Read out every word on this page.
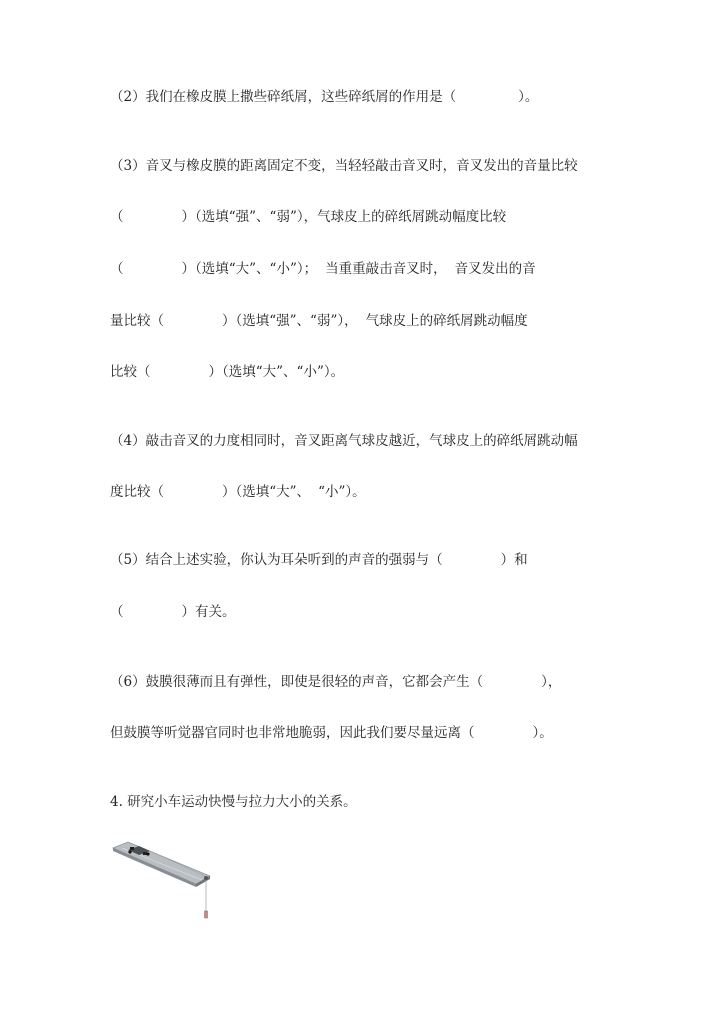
（2）我们在橡皮膜上撒些碎纸屑，这些碎纸屑的作用是（	）。
（3）音叉与橡皮膜的距离固定不变，当轻轻敲击音叉时，音叉发出的音量比较
（	）（选填“强”、“弱”），气球皮上的碎纸屑跳动幅度比较
（	）（选填“大”、“小”）； 当重重敲击音叉时， 音叉发出的音
量比较（	）（选填“强”、“弱”）， 气球皮上的碎纸屑跳动幅度
比较（	）（选填“大”、“小”）。
（4）敲击音叉的力度相同时，音叉距离气球皮越近，气球皮上的碎纸屑跳动幅
度比较（	）（选填“大”、 “小”）。
（5）结合上述实验，你认为耳朵听到的声音的强弱与（	）和
（	）有关。
（6）鼓膜很薄而且有弹性，即使是很轻的声音，它都会产生（	），
但鼓膜等听觉器官同时也非常地脆弱，因此我们要尽量远离（	）。
4. 研究小车运动快慢与拉力大小的关系。
